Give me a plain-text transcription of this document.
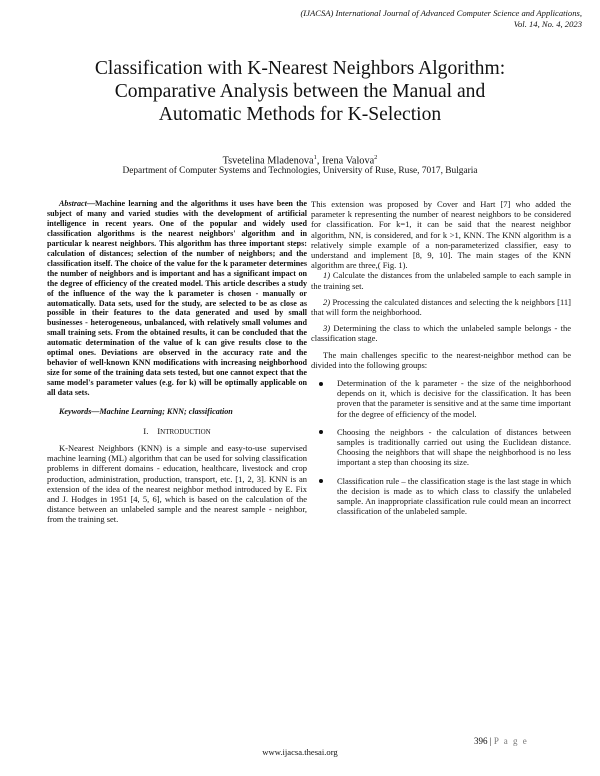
(IJACSA) International Journal of Advanced Computer Science and Applications,
Vol. 14, No. 4, 2023
Classification with K-Nearest Neighbors Algorithm:
Comparative Analysis between the Manual and
Automatic Methods for K-Selection
Tsvetelina Mladenova$^1$, Irena Valova$^2$
Department of Computer Systems and Technologies, University of Ruse, Ruse, 7017, Bulgaria

Abstract—Machine learning and the algorithms it uses have been the subject of many and varied studies with the development of artificial intelligence in recent years. One of the popular and widely used classification algorithms is the nearest neighbors' algorithm and in particular k nearest neighbors. This algorithm has three important steps: calculation of distances; selection of the number of neighbors; and the classification itself. The choice of the value for the k parameter determines the number of neighbors and is important and has a significant impact on the degree of efficiency of the created model. This article describes a study of the influence of the way the k parameter is chosen - manually or automatically. Data sets, used for the study, are selected to be as close as possible in their features to the data generated and used by small businesses - heterogeneous, unbalanced, with relatively small volumes and small training sets. From the obtained results, it can be concluded that the automatic determination of the value of k can give results close to the optimal ones. Deviations are observed in the accuracy rate and the behavior of well-known KNN modifications with increasing neighborhood size for some of the training data sets tested, but one cannot expect that the same model's parameter values (e.g. for k) will be optimally applicable on all data sets.

Keywords—Machine Learning; KNN; classification

I. INTRODUCTION

K-Nearest Neighbors (KNN) is a simple and easy-to-use supervised machine learning (ML) algorithm that can be used for solving classification problems in different domains - education, healthcare, livestock and crop production, administration, production, transport, etc. [1, 2, 3]. KNN is an extension of the idea of the nearest neighbor method introduced by E. Fix and J. Hodges in 1951 [4, 5, 6], which is based on the calculation of the distance between an unlabeled sample and the nearest sample - neighbor, from the training set.

This extension was proposed by Cover and Hart [7] who added the parameter k representing the number of nearest neighbors to be considered for classification. For k=1, it can be said that the nearest neighbor algorithm, NN, is considered, and for k >1, KNN. The KNN algorithm is a relatively simple example of a non-parameterized classifier, easy to understand and implement [8, 9, 10]. The main stages of the KNN algorithm are three,( Fig. 1).

1) Calculate the distances from the unlabeled sample to each sample in the training set.

2) Processing the calculated distances and selecting the k neighbors [11] that will form the neighborhood.

3) Determining the class to which the unlabeled sample belongs - the classification stage.

The main challenges specific to the nearest-neighbor method can be divided into the following groups:

Determination of the k parameter - the size of the neighborhood depends on it, which is decisive for the classification. It has been proven that the parameter is sensitive and at the same time important for the degree of efficiency of the model.
Choosing the neighbors - the calculation of distances between samples is traditionally carried out using the Euclidean distance. Choosing the neighbors that will shape the neighborhood is no less important a step than choosing its size.
Classification rule – the classification stage is the last stage in which the decision is made as to which class to classify the unlabeled sample. An inappropriate classification rule could mean an incorrect classification of the unlabeled sample.
396 | P a g e
www.ijacsa.thesai.org
